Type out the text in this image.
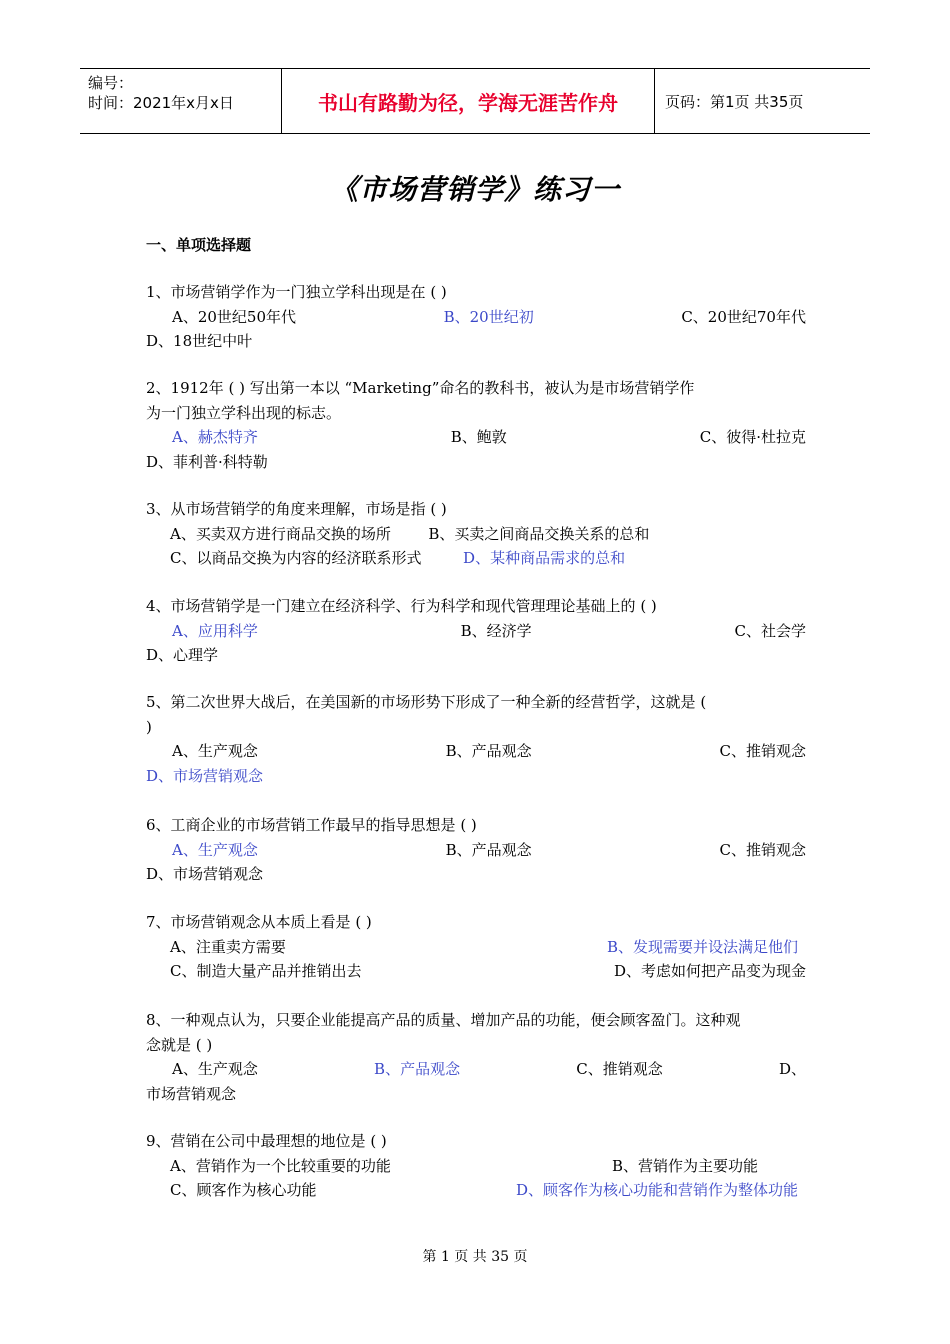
编号：
时间：2021年x月x日	书山有路勤为径，学海无涯苦作舟	页码：第1页 共35页
《市场营销学》练习一
一、单项选择题
1、市场营销学作为一门独立学科出现是在 ( )
A、20世纪50年代	B、20世纪初	C、20世纪70年代
D、18世纪中叶
2、1912年 ( ) 写出第一本以 “Marketing”命名的教科书，被认为是市场营销学作
为一门独立学科出现的标志。
A、赫杰特齐	B、鲍敦	C、彼得·杜拉克
D、菲利普·科特勒
3、从市场营销学的角度来理解，市场是指 ( )
A、买卖双方进行商品交换的场所	B、买卖之间商品交换关系的总和
C、以商品交换为内容的经济联系形式	D、某种商品需求的总和
4、市场营销学是一门建立在经济科学、行为科学和现代管理理论基础上的 ( )
A、应用科学	B、经济学	C、社会学
D、心理学
5、第二次世界大战后，在美国新的市场形势下形成了一种全新的经营哲学，这就是 (
)
A、生产观念	B、产品观念	C、推销观念
D、市场营销观念
6、工商企业的市场营销工作最早的指导思想是 ( )
A、生产观念	B、产品观念	C、推销观念
D、市场营销观念
7、市场营销观念从本质上看是 ( )
A、注重卖方需要	B、发现需要并设法满足他们
C、制造大量产品并推销出去	D、考虑如何把产品变为现金
8、一种观点认为，只要企业能提高产品的质量、增加产品的功能，便会顾客盈门。这种观
念就是 ( )
A、生产观念	B、产品观念	C、推销观念	D、
市场营销观念
9、营销在公司中最理想的地位是 ( )
A、营销作为一个比较重要的功能	B、营销作为主要功能
C、顾客作为核心功能	D、顾客作为核心功能和营销作为整体功能
第 1 页 共 35 页
